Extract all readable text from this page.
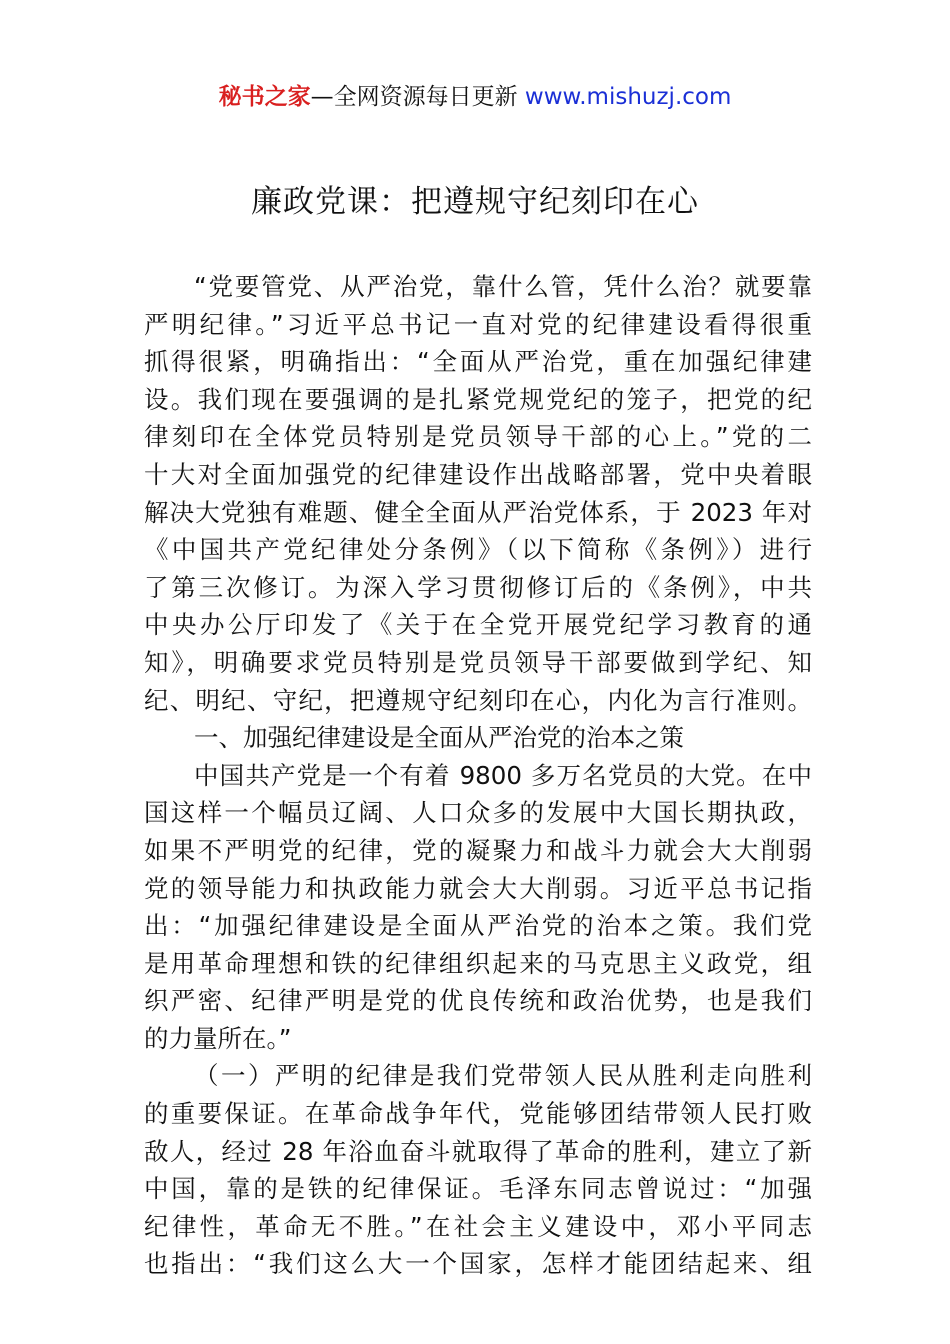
秘书之家—全网资源每日更新 www.mishuzj.com
廉政党课：把遵规守纪刻印在心
“党要管党、从严治党，靠什么管，凭什么治？就要靠
严明纪律。”习近平总书记一直对党的纪律建设看得很重
抓得很紧，明确指出：“全面从严治党，重在加强纪律建
设。我们现在要强调的是扎紧党规党纪的笼子，把党的纪
律刻印在全体党员特别是党员领导干部的心上。”党的二
十大对全面加强党的纪律建设作出战略部署，党中央着眼
解决大党独有难题、健全全面从严治党体系，于 2023 年对
《中国共产党纪律处分条例》（以下简称《条例》）进行
了第三次修订。为深入学习贯彻修订后的《条例》，中共
中央办公厅印发了《关于在全党开展党纪学习教育的通
知》，明确要求党员特别是党员领导干部要做到学纪、知
纪、明纪、守纪，把遵规守纪刻印在心，内化为言行准则。
一、加强纪律建设是全面从严治党的治本之策
中国共产党是一个有着 9800 多万名党员的大党。在中
国这样一个幅员辽阔、人口众多的发展中大国长期执政，
如果不严明党的纪律，党的凝聚力和战斗力就会大大削弱
党的领导能力和执政能力就会大大削弱。习近平总书记指
出：“加强纪律建设是全面从严治党的治本之策。我们党
是用革命理想和铁的纪律组织起来的马克思主义政党，组
织严密、纪律严明是党的优良传统和政治优势，也是我们
的力量所在。”
（一）严明的纪律是我们党带领人民从胜利走向胜利
的重要保证。在革命战争年代，党能够团结带领人民打败
敌人，经过 28 年浴血奋斗就取得了革命的胜利，建立了新
中国，靠的是铁的纪律保证。毛泽东同志曾说过：“加强
纪律性，革命无不胜。”在社会主义建设中，邓小平同志
也指出：“我们这么大一个国家，怎样才能团结起来、组
